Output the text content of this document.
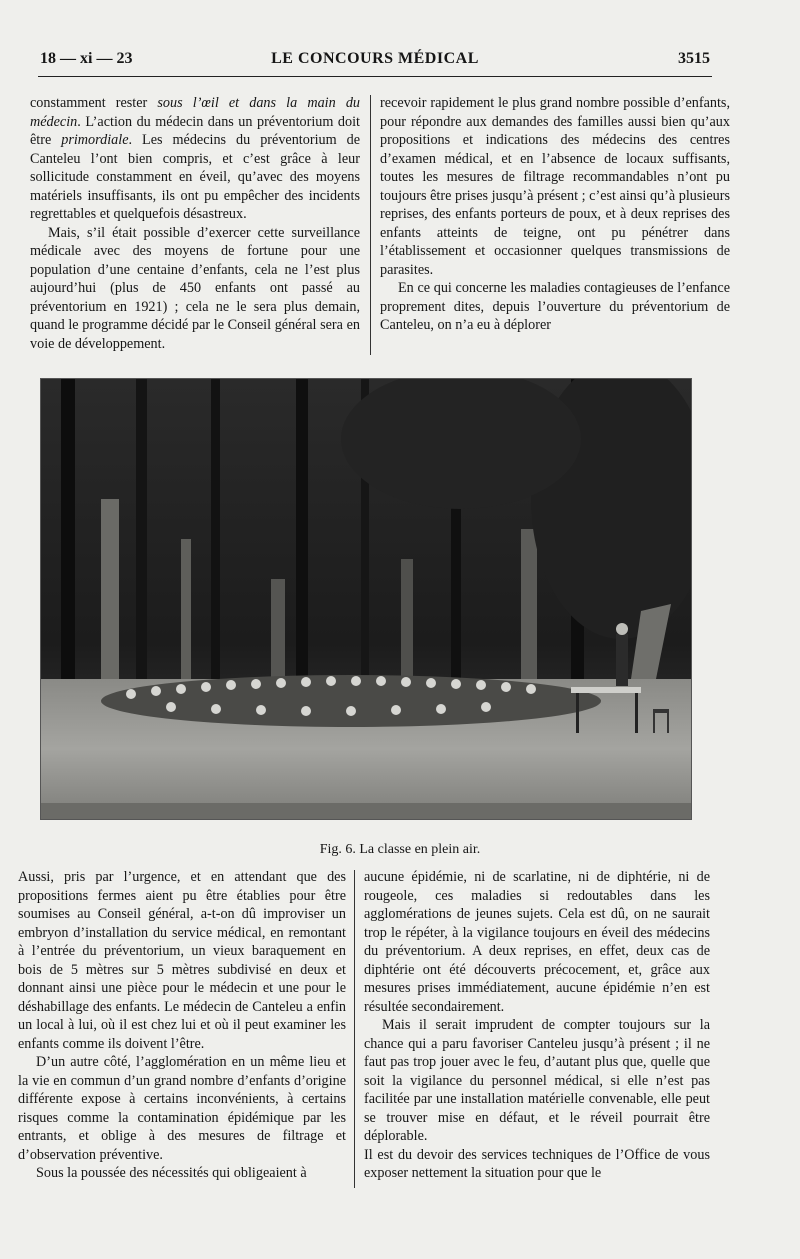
18 — xi — 23	LE CONCOURS MÉDICAL	3515

constamment rester sous l’œil et dans la main du médecin. L’action du médecin dans un préventorium doit être primordiale. Les médecins du préventorium de Canteleu l’ont bien compris, et c’est grâce à leur sollicitude constamment en éveil, qu’avec des moyens matériels insuffisants, ils ont pu empêcher des incidents regrettables et quelquefois désastreux.

Mais, s’il était possible d’exercer cette surveillance médicale avec des moyens de fortune pour une population d’une centaine d’enfants, cela ne l’est plus aujourd’hui (plus de 450 enfants ont passé au préventorium en 1921) ; cela ne le sera plus demain, quand le programme décidé par le Conseil général sera en voie de développement.

recevoir rapidement le plus grand nombre possible d’enfants, pour répondre aux demandes des familles aussi bien qu’aux propositions et indications des médecins des centres d’examen médical, et en l’absence de locaux suffisants, toutes les mesures de filtrage recommandables n’ont pu toujours être prises jusqu’à présent ; c’est ainsi qu’à plusieurs reprises, des enfants porteurs de poux, et à deux reprises des enfants atteints de teigne, ont pu pénétrer dans l’établissement et occasionner quelques transmissions de parasites.

En ce qui concerne les maladies contagieuses de l’enfance proprement dites, depuis l’ouverture du préventorium de Canteleu, on n’a eu à déplorer

Fig. 6. La classe en plein air.

Aussi, pris par l’urgence, et en attendant que des propositions fermes aient pu être établies pour être soumises au Conseil général, a-t-on dû improviser un embryon d’installation du service médical, en remontant à l’entrée du préventorium, un vieux baraquement en bois de 5 mètres sur 5 mètres subdivisé en deux et donnant ainsi une pièce pour le médecin et une pour le déshabillage des enfants. Le médecin de Canteleu a enfin un local à lui, où il est chez lui et où il peut examiner les enfants comme ils doivent l’être.

D’un autre côté, l’agglomération en un même lieu et la vie en commun d’un grand nombre d’enfants d’origine différente expose à certains inconvénients, à certains risques comme la contamination épidémique par les entrants, et oblige à des mesures de filtrage et d’observation préventive.

Sous la poussée des nécessités qui obligeaient à

aucune épidémie, ni de scarlatine, ni de diphtérie, ni de rougeole, ces maladies si redoutables dans les agglomérations de jeunes sujets. Cela est dû, on ne saurait trop le répéter, à la vigilance toujours en éveil des médecins du préventorium. A deux reprises, en effet, deux cas de diphtérie ont été découverts précocement, et, grâce aux mesures prises immédiatement, aucune épidémie n’en est résultée secondairement.

Mais il serait imprudent de compter toujours sur la chance qui a paru favoriser Canteleu jusqu’à présent ; il ne faut pas trop jouer avec le feu, d’autant plus que, quelle que soit la vigilance du personnel médical, si elle n’est pas facilitée par une installation matérielle convenable, elle peut se trouver mise en défaut, et le réveil pourrait être déplorable.

Il est du devoir des services techniques de l’Office de vous exposer nettement la situation pour que le
